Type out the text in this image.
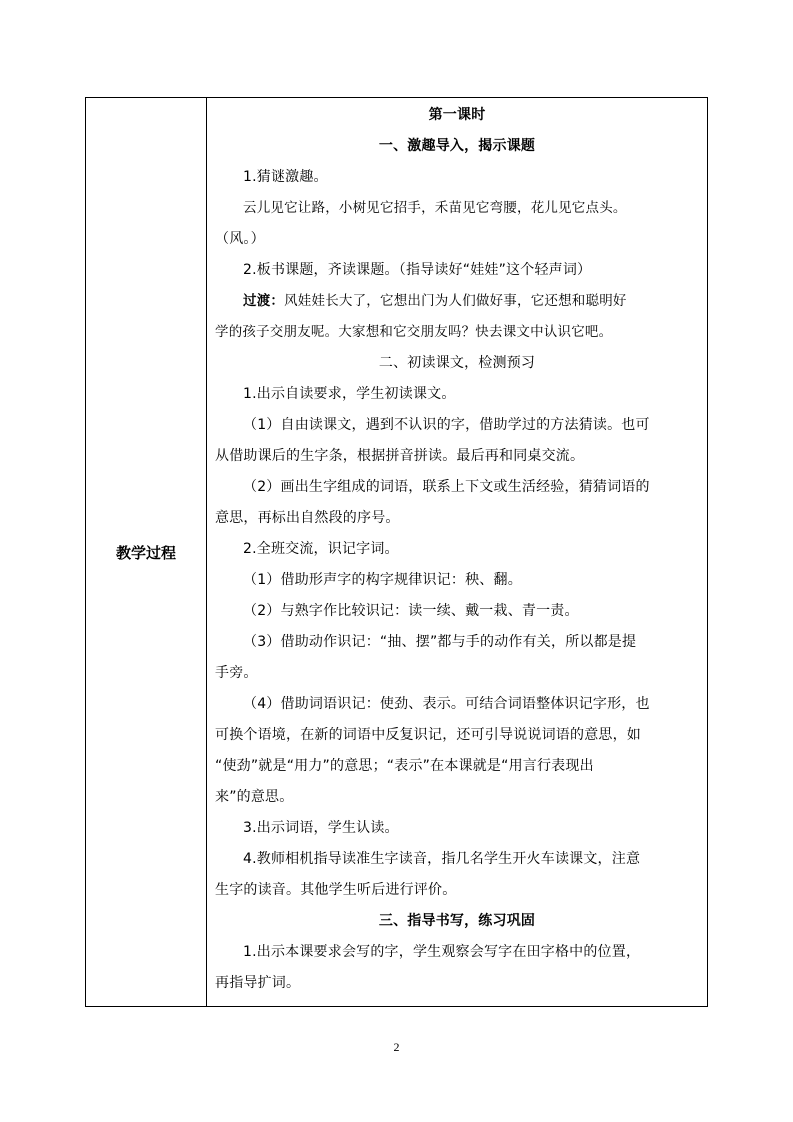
教学过程
第一课时
一、激趣导入，揭示课题
1.猜谜激趣。
云儿见它让路，小树见它招手，禾苗见它弯腰，花儿见它点头。
（风。）
2.板书课题，齐读课题。（指导读好“娃娃”这个轻声词）
过渡：风娃娃长大了，它想出门为人们做好事，它还想和聪明好
学的孩子交朋友呢。大家想和它交朋友吗？快去课文中认识它吧。
二、初读课文，检测预习
1.出示自读要求，学生初读课文。
（1）自由读课文，遇到不认识的字，借助学过的方法猜读。也可
从借助课后的生字条，根据拼音拼读。最后再和同桌交流。
（2）画出生字组成的词语，联系上下文或生活经验，猜猜词语的
意思，再标出自然段的序号。
2.全班交流，识记字词。
（1）借助形声字的构字规律识记：秧、翻。
（2）与熟字作比较识记：读一续、戴一栽、青一责。
（3）借助动作识记：“抽、摆”都与手的动作有关，所以都是提
手旁。
（4）借助词语识记：使劲、表示。可结合词语整体识记字形，也
可换个语境，在新的词语中反复识记，还可引导说说词语的意思，如
“使劲”就是“用力”的意思；“表示”在本课就是“用言行表现出
来”的意思。
3.出示词语，学生认读。
4.教师相机指导读准生字读音，指几名学生开火车读课文，注意
生字的读音。其他学生听后进行评价。
三、指导书写，练习巩固
1.出示本课要求会写的字，学生观察会写字在田字格中的位置，
再指导扩词。
2
